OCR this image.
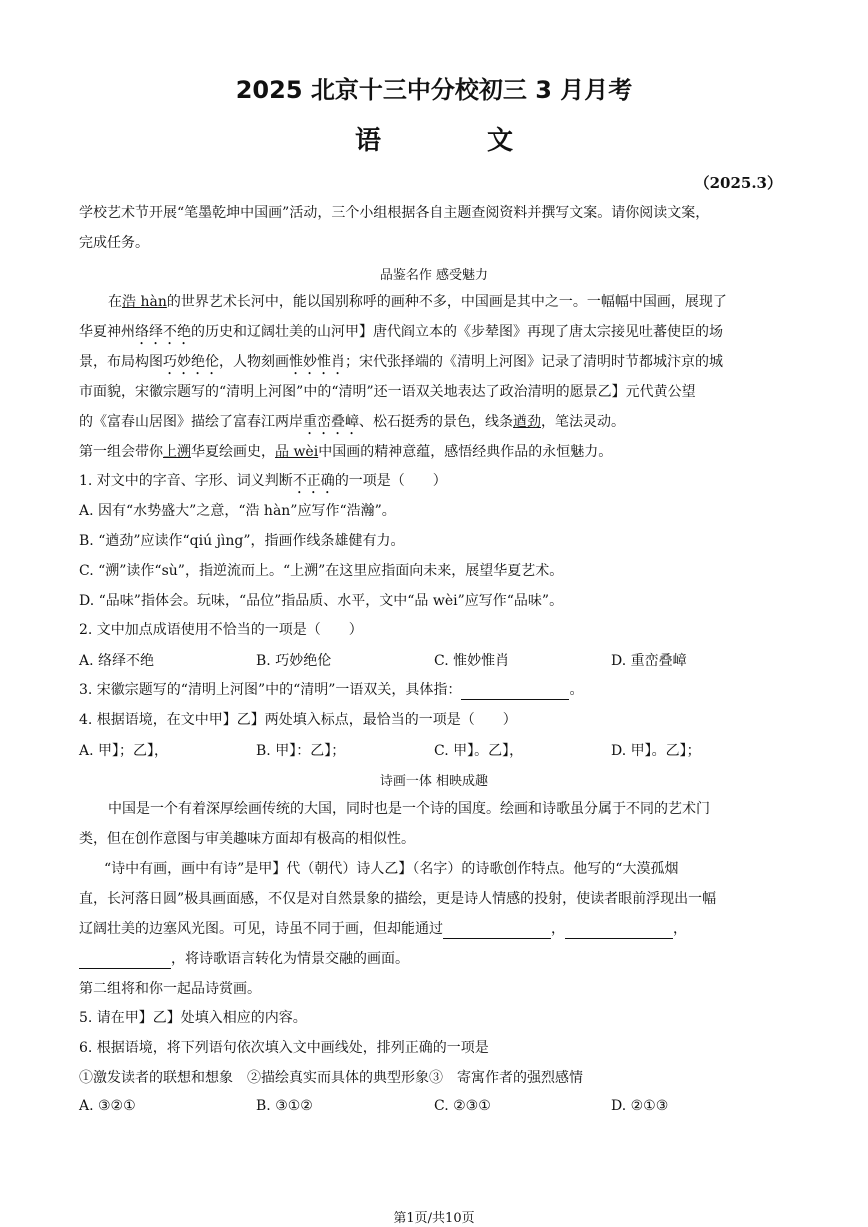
2025 北京十三中分校初三 3 月月考
语　文
（2025.3）
学校艺术节开展“笔墨乾坤中国画”活动，三个小组根据各自主题查阅资料并撰写文案。请你阅读文案，
完成任务。
品鉴名作 感受魅力
在浩 hàn的世界艺术长河中，能以国别称呼的画种不多，中国画是其中之一。一幅幅中国画，展现了
华夏神州络绎不绝的历史和辽阔壮美的山河甲】唐代阎立本的《步辇图》再现了唐太宗接见吐蕃使臣的场
景，布局构图巧妙绝伦，人物刻画惟妙惟肖；宋代张择端的《清明上河图》记录了清明时节都城汴京的城
市面貌，宋徽宗题写的“清明上河图”中的“清明”还一语双关地表达了政治清明的愿景乙】元代黄公望
的《富春山居图》描绘了富春江两岸重峦叠嶂、松石挺秀的景色，线条遒劲，笔法灵动。
第一组会带你上溯华夏绘画史，品 wèi中国画的精神意蕴，感悟经典作品的永恒魅力。
1. 对文中的字音、字形、词义判断不正确的一项是（　　）
A. 因有“水势盛大”之意，“浩 hàn”应写作“浩瀚”。
B. “遒劲”应读作“qiú jìng”，指画作线条雄健有力。
C. “溯”读作“sù”，指逆流而上。“上溯”在这里应指面向未来，展望华夏艺术。
D. “品味”指体会。玩味，“品位”指品质、水平，文中“品 wèi”应写作“品味”。
2. 文中加点成语使用不恰当的一项是（　　）
A. 络绎不绝	B. 巧妙绝伦	C. 惟妙惟肖	D. 重峦叠嶂
3. 宋徽宗题写的“清明上河图”中的“清明”一语双关，具体指：	。
4. 根据语境，在文中甲】乙】两处填入标点，最恰当的一项是（　　）
A. 甲】；乙】，	B. 甲】：乙】；	C. 甲】。乙】，	D. 甲】。乙】；
诗画一体 相映成趣
中国是一个有着深厚绘画传统的大国，同时也是一个诗的国度。绘画和诗歌虽分属于不同的艺术门
类，但在创作意图与审美趣味方面却有极高的相似性。
“诗中有画，画中有诗”是甲】代（朝代）诗人乙】（名字）的诗歌创作特点。他写的“大漠孤烟
直，长河落日圆”极具画面感，不仅是对自然景象的描绘，更是诗人情感的投射，使读者眼前浮现出一幅
辽阔壮美的边塞风光图。可见，诗虽不同于画，但却能通过	，	，
，将诗歌语言转化为情景交融的画面。
第二组将和你一起品诗赏画。
5. 请在甲】乙】处填入相应的内容。
6. 根据语境，将下列语句依次填入文中画线处，排列正确的一项是
①激发读者的联想和想象　②描绘真实而具体的典型形象③　寄寓作者的强烈感情
A. ③②①	B. ③①②	C. ②③①	D. ②①③
第1页/共10页
